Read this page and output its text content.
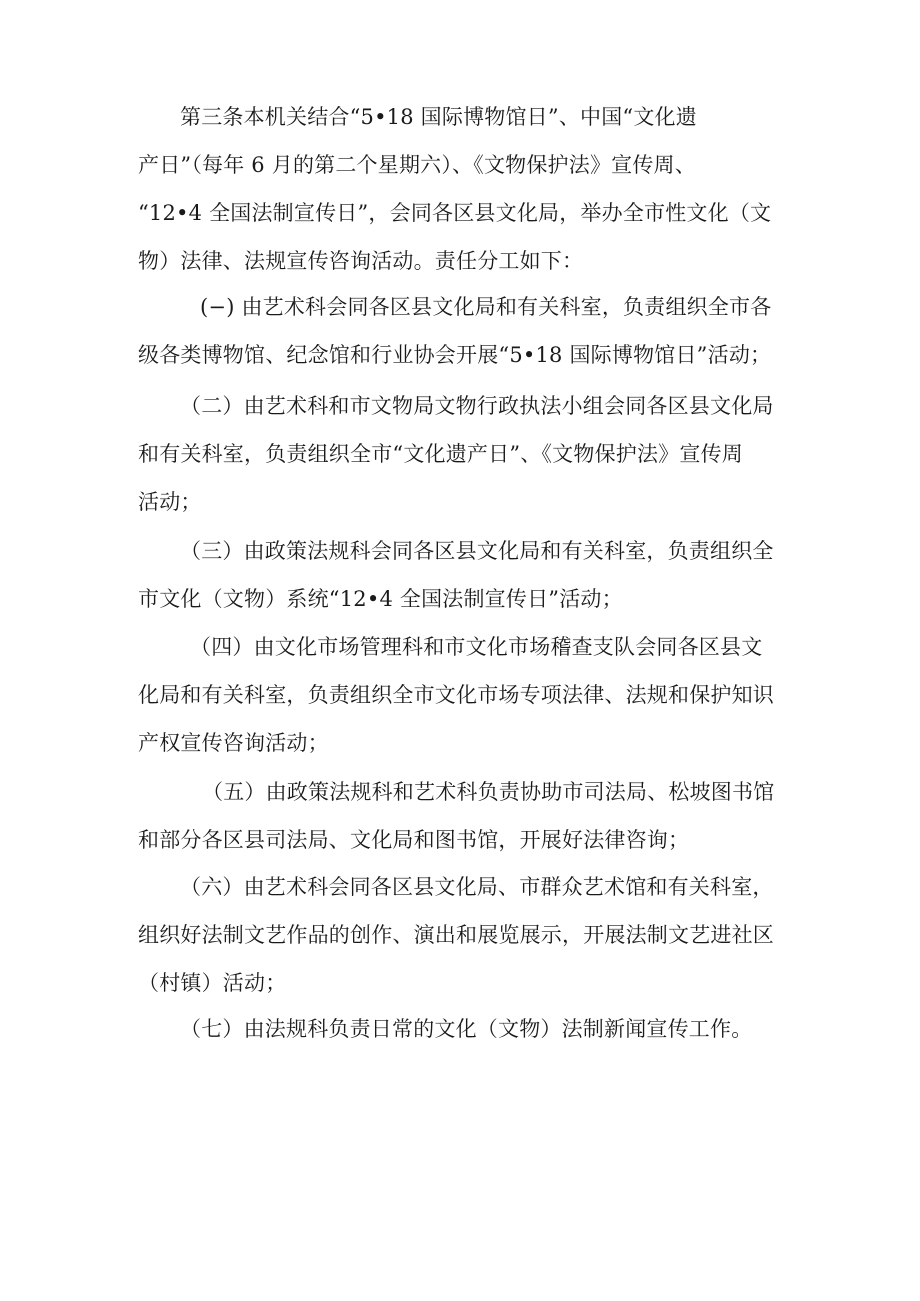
第三条本机关结合“5•18 国际博物馆日”、中国“文化遗
产日”（每年 6 月的第二个星期六）、《文物保护法》宣传周、
“12•4 全国法制宣传日”，会同各区县文化局，举办全市性文化（文
物）法律、法规宣传咨询活动。责任分工如下：
(−) 由艺术科会同各区县文化局和有关科室，负责组织全市各
级各类博物馆、纪念馆和行业协会开展“5•18 国际博物馆日”活动；
（二）由艺术科和市文物局文物行政执法小组会同各区县文化局
和有关科室，负责组织全市“文化遗产日”、《文物保护法》宣传周
活动；
（三）由政策法规科会同各区县文化局和有关科室，负责组织全
市文化（文物）系统“12•4 全国法制宣传日”活动；
（四）由文化市场管理科和市文化市场稽查支队会同各区县文
化局和有关科室，负责组织全市文化市场专项法律、法规和保护知识
产权宣传咨询活动；
（五）由政策法规科和艺术科负责协助市司法局、松坡图书馆
和部分各区县司法局、文化局和图书馆，开展好法律咨询；
（六）由艺术科会同各区县文化局、市群众艺术馆和有关科室，
组织好法制文艺作品的创作、演出和展览展示，开展法制文艺进社区
（村镇）活动；
（七）由法规科负责日常的文化（文物）法制新闻宣传工作。
